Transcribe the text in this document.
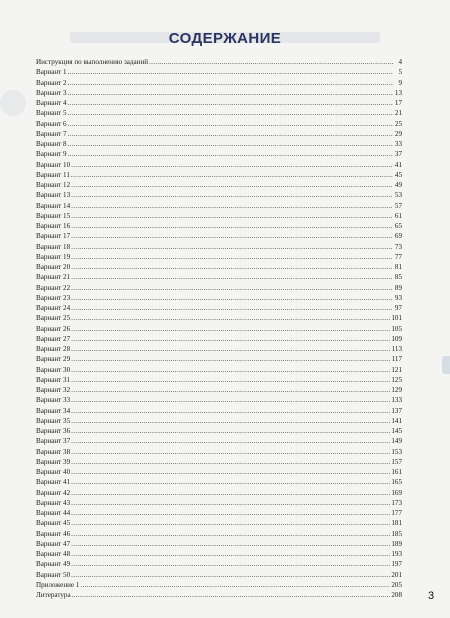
СОДЕРЖАНИЕ
Инструкция по выполнению заданий .....	4
Вариант 1 .....	5
Вариант 2 .....	9
Вариант 3 .....	13
Вариант 4 .....	17
Вариант 5 .....	21
Вариант 6 .....	25
Вариант 7 .....	29
Вариант 8 .....	33
Вариант 9 .....	37
Вариант 10 .....	41
Вариант 11 .....	45
Вариант 12 .....	49
Вариант 13 .....	53
Вариант 14 .....	57
Вариант 15 .....	61
Вариант 16 .....	65
Вариант 17 .....	69
Вариант 18 .....	73
Вариант 19 .....	77
Вариант 20 .....	81
Вариант 21 .....	85
Вариант 22 .....	89
Вариант 23 .....	93
Вариант 24 .....	97
Вариант 25 .....	101
Вариант 26 .....	105
Вариант 27 .....	109
Вариант 28 .....	113
Вариант 29 .....	117
Вариант 30 .....	121
Вариант 31 .....	125
Вариант 32 .....	129
Вариант 33 .....	133
Вариант 34 .....	137
Вариант 35 .....	141
Вариант 36 .....	145
Вариант 37 .....	149
Вариант 38 .....	153
Вариант 39 .....	157
Вариант 40 .....	161
Вариант 41 .....	165
Вариант 42 .....	169
Вариант 43 .....	173
Вариант 44 .....	177
Вариант 45 .....	181
Вариант 46 .....	185
Вариант 47 .....	189
Вариант 48 .....	193
Вариант 49 .....	197
Вариант 50 .....	201
Приложение 1 .....	205
Литература .....	208 3
